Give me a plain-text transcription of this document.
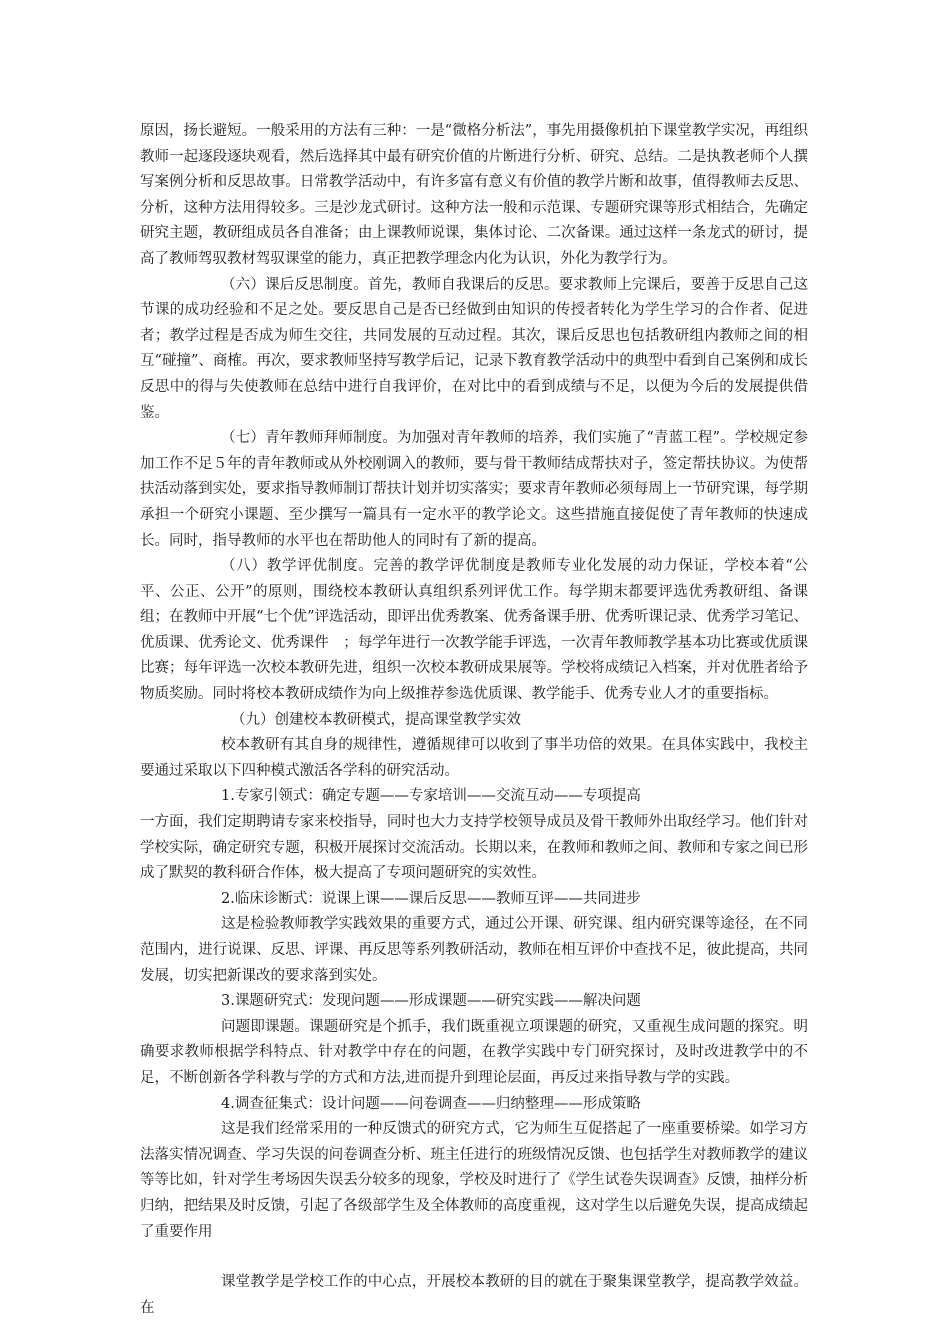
原因，扬长避短。一般采用的方法有三种：一是“微格分析法”，事先用摄像机拍下课堂教学实况，再组织教师一起逐段逐块观看，然后选择其中最有研究价值的片断进行分析、研究、总结。二是执教老师个人撰写案例分析和反思故事。日常教学活动中，有许多富有意义有价值的教学片断和故事，值得教师去反思、分析，这种方法用得较多。三是沙龙式研讨。这种方法一般和示范课、专题研究课等形式相结合，先确定研究主题，教研组成员各自准备；由上课教师说课，集体讨论、二次备课。通过这样一条龙式的研讨，提高了教师驾驭教材驾驭课堂的能力，真正把教学理念内化为认识，外化为教学行为。

（六）课后反思制度。首先，教师自我课后的反思。要求教师上完课后，要善于反思自己这节课的成功经验和不足之处。要反思自己是否已经做到由知识的传授者转化为学生学习的合作者、促进者；教学过程是否成为师生交往，共同发展的互动过程。其次，课后反思也包括教研组内教师之间的相互“碰撞”、商榷。再次，要求教师坚持写教学后记，记录下教育教学活动中的典型中看到自己案例和成长反思中的得与失使教师在总结中进行自我评价，在对比中的看到成绩与不足，以便为今后的发展提供借鉴。

（七）青年教师拜师制度。为加强对青年教师的培养，我们实施了“青蓝工程”。学校规定参加工作不足５年的青年教师或从外校刚调入的教师，要与骨干教师结成帮扶对子，签定帮扶协议。为使帮扶活动落到实处，要求指导教师制订帮扶计划并切实落实；要求青年教师必须每周上一节研究课，每学期承担一个研究小课题、至少撰写一篇具有一定水平的教学论文。这些措施直接促使了青年教师的快速成长。同时，指导教师的水平也在帮助他人的同时有了新的提高。

（八）教学评优制度。完善的教学评优制度是教师专业化发展的动力保证，学校本着“公平、公正、公开”的原则，围绕校本教研认真组织系列评优工作。每学期末都要评选优秀教研组、备课组；在教师中开展“七个优”评选活动，即评出优秀教案、优秀备课手册、优秀听课记录、优秀学习笔记、优质课、优秀论文、优秀课件　；每学年进行一次教学能手评选，一次青年教师教学基本功比赛或优质课比赛；每年评选一次校本教研先进，组织一次校本教研成果展等。学校将成绩记入档案，并对优胜者给予物质奖励。同时将校本教研成绩作为向上级推荐参选优质课、教学能手、优秀专业人才的重要指标。

（九）创建校本教研模式，提高课堂教学实效

校本教研有其自身的规律性，遵循规律可以收到了事半功倍的效果。在具体实践中，我校主要通过采取以下四种模式激活各学科的研究活动。

1.专家引领式：确定专题——专家培训——交流互动——专项提高

一方面，我们定期聘请专家来校指导，同时也大力支持学校领导成员及骨干教师外出取经学习。他们针对学校实际，确定研究专题，积极开展探讨交流活动。长期以来，在教师和教师之间、教师和专家之间已形成了默契的教科研合作体，极大提高了专项问题研究的实效性。

2.临床诊断式：说课上课——课后反思——教师互评——共同进步

这是检验教师教学实践效果的重要方式，通过公开课、研究课、组内研究课等途径，在不同范围内，进行说课、反思、评课、再反思等系列教研活动，教师在相互评价中查找不足，彼此提高，共同发展，切实把新课改的要求落到实处。

3.课题研究式：发现问题——形成课题——研究实践——解决问题

问题即课题。课题研究是个抓手，我们既重视立项课题的研究，又重视生成问题的探究。明确要求教师根据学科特点、针对教学中存在的问题，在教学实践中专门研究探讨，及时改进教学中的不足，不断创新各学科教与学的方式和方法,进而提升到理论层面，再反过来指导教与学的实践。

4.调查征集式：设计问题——问卷调查——归纳整理——形成策略

这是我们经常采用的一种反馈式的研究方式，它为师生互促搭起了一座重要桥梁。如学习方法落实情况调查、学习失误的问卷调查分析、班主任进行的班级情况反馈、也包括学生对教师教学的建议等等比如，针对学生考场因失误丢分较多的现象，学校及时进行了《学生试卷失误调查》反馈，抽样分析归纳，把结果及时反馈，引起了各级部学生及全体教师的高度重视，这对学生以后避免失误，提高成绩起了重要作用

课堂教学是学校工作的中心点，开展校本教研的目的就在于聚集课堂教学，提高教学效益。在
